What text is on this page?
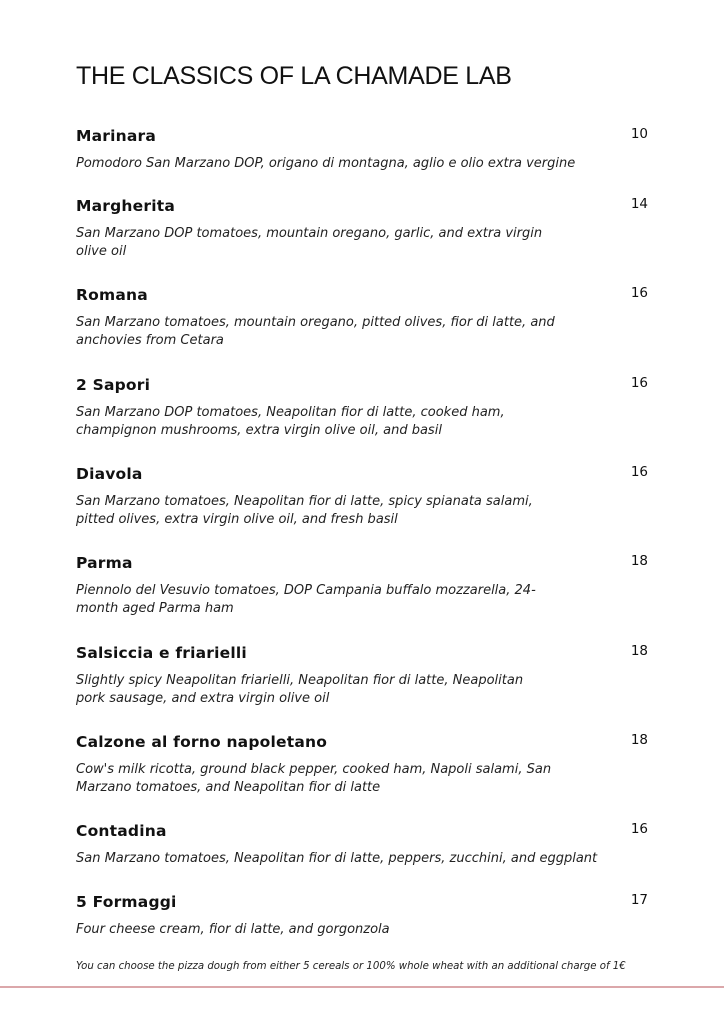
THE CLASSICS OF LA CHAMADE LAB
Marinara	10
Pomodoro San Marzano DOP, origano di montagna, aglio e olio extra vergine
Margherita	14
San Marzano DOP tomatoes, mountain oregano, garlic, and extra virgin olive oil
Romana	16
San Marzano tomatoes, mountain oregano, pitted olives, fior di latte, and anchovies from Cetara
2 Sapori	16
San Marzano DOP tomatoes, Neapolitan fior di latte, cooked ham, champignon mushrooms, extra virgin olive oil, and basil
Diavola	16
San Marzano tomatoes, Neapolitan fior di latte, spicy spianata salami, pitted olives, extra virgin olive oil, and fresh basil
Parma	18
Piennolo del Vesuvio tomatoes, DOP Campania buffalo mozzarella, 24-month aged Parma ham
Salsiccia e friarielli	18
Slightly spicy Neapolitan friarielli, Neapolitan fior di latte, Neapolitan pork sausage, and extra virgin olive oil
Calzone al forno napoletano	18
Cow's milk ricotta, ground black pepper, cooked ham, Napoli salami, San Marzano tomatoes, and Neapolitan fior di latte
Contadina	16
San Marzano tomatoes, Neapolitan fior di latte, peppers, zucchini, and eggplant
5 Formaggi	17
Four cheese cream, fior di latte, and gorgonzola
You can choose the pizza dough from either 5 cereals or 100% whole wheat with an additional charge of 1€
